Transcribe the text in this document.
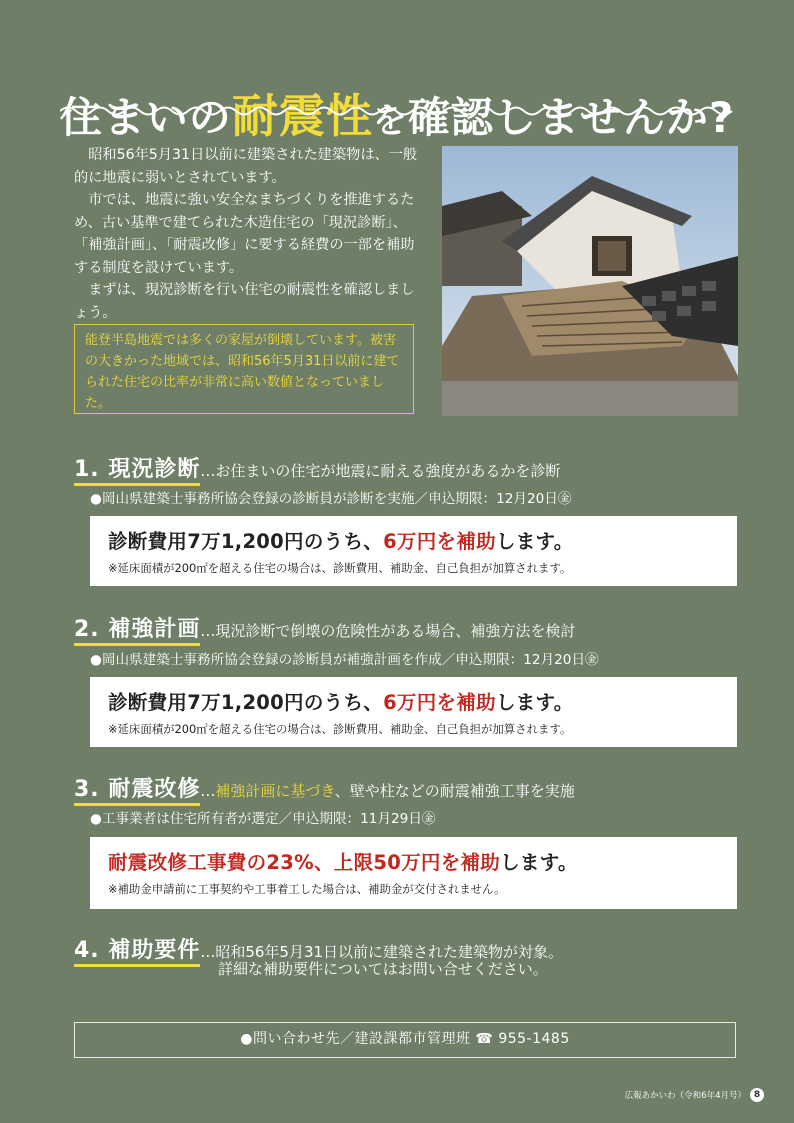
住まいの耐震性を確認しませんか?

昭和56年5月31日以前に建築された建築物は、一般的に地震に弱いとされています。

市では、地震に強い安全なまちづくりを推進するため、古い基準で建てられた木造住宅の「現況診断」、「補強計画」、「耐震改修」に要する経費の一部を補助する制度を設けています。

まずは、現況診断を行い住宅の耐震性を確認しましょう。

能登半島地震では多くの家屋が倒壊しています。被害の大きかった地域では、昭和56年5月31日以前に建てられた住宅の比率が非常に高い数値となっていました。
1. 現況診断…お住まいの住宅が地震に耐える強度があるかを診断
●岡山県建築士事務所協会登録の診断員が診断を実施／申込期限：12月20日㊎
診断費用7万1,200円のうち、6万円を補助します。
※延床面積が200㎡を超える住宅の場合は、診断費用、補助金、自己負担が加算されます。
2. 補強計画…現況診断で倒壊の危険性がある場合、補強方法を検討
●岡山県建築士事務所協会登録の診断員が補強計画を作成／申込期限：12月20日㊎
診断費用7万1,200円のうち、6万円を補助します。
※延床面積が200㎡を超える住宅の場合は、診断費用、補助金、自己負担が加算されます。
3. 耐震改修…補強計画に基づき、壁や柱などの耐震補強工事を実施
●工事業者は住宅所有者が選定／申込期限：11月29日㊎
耐震改修工事費の23%、上限50万円を補助します。
※補助金申請前に工事契約や工事着工した場合は、補助金が交付されません。
4. 補助要件…昭和56年5月31日以前に建築された建築物が対象。
詳細な補助要件についてはお問い合せください。
●問い合わせ先／建設課都市管理班 ☎ 955-1485
広報あかいわ（令和6年4月号） 8
